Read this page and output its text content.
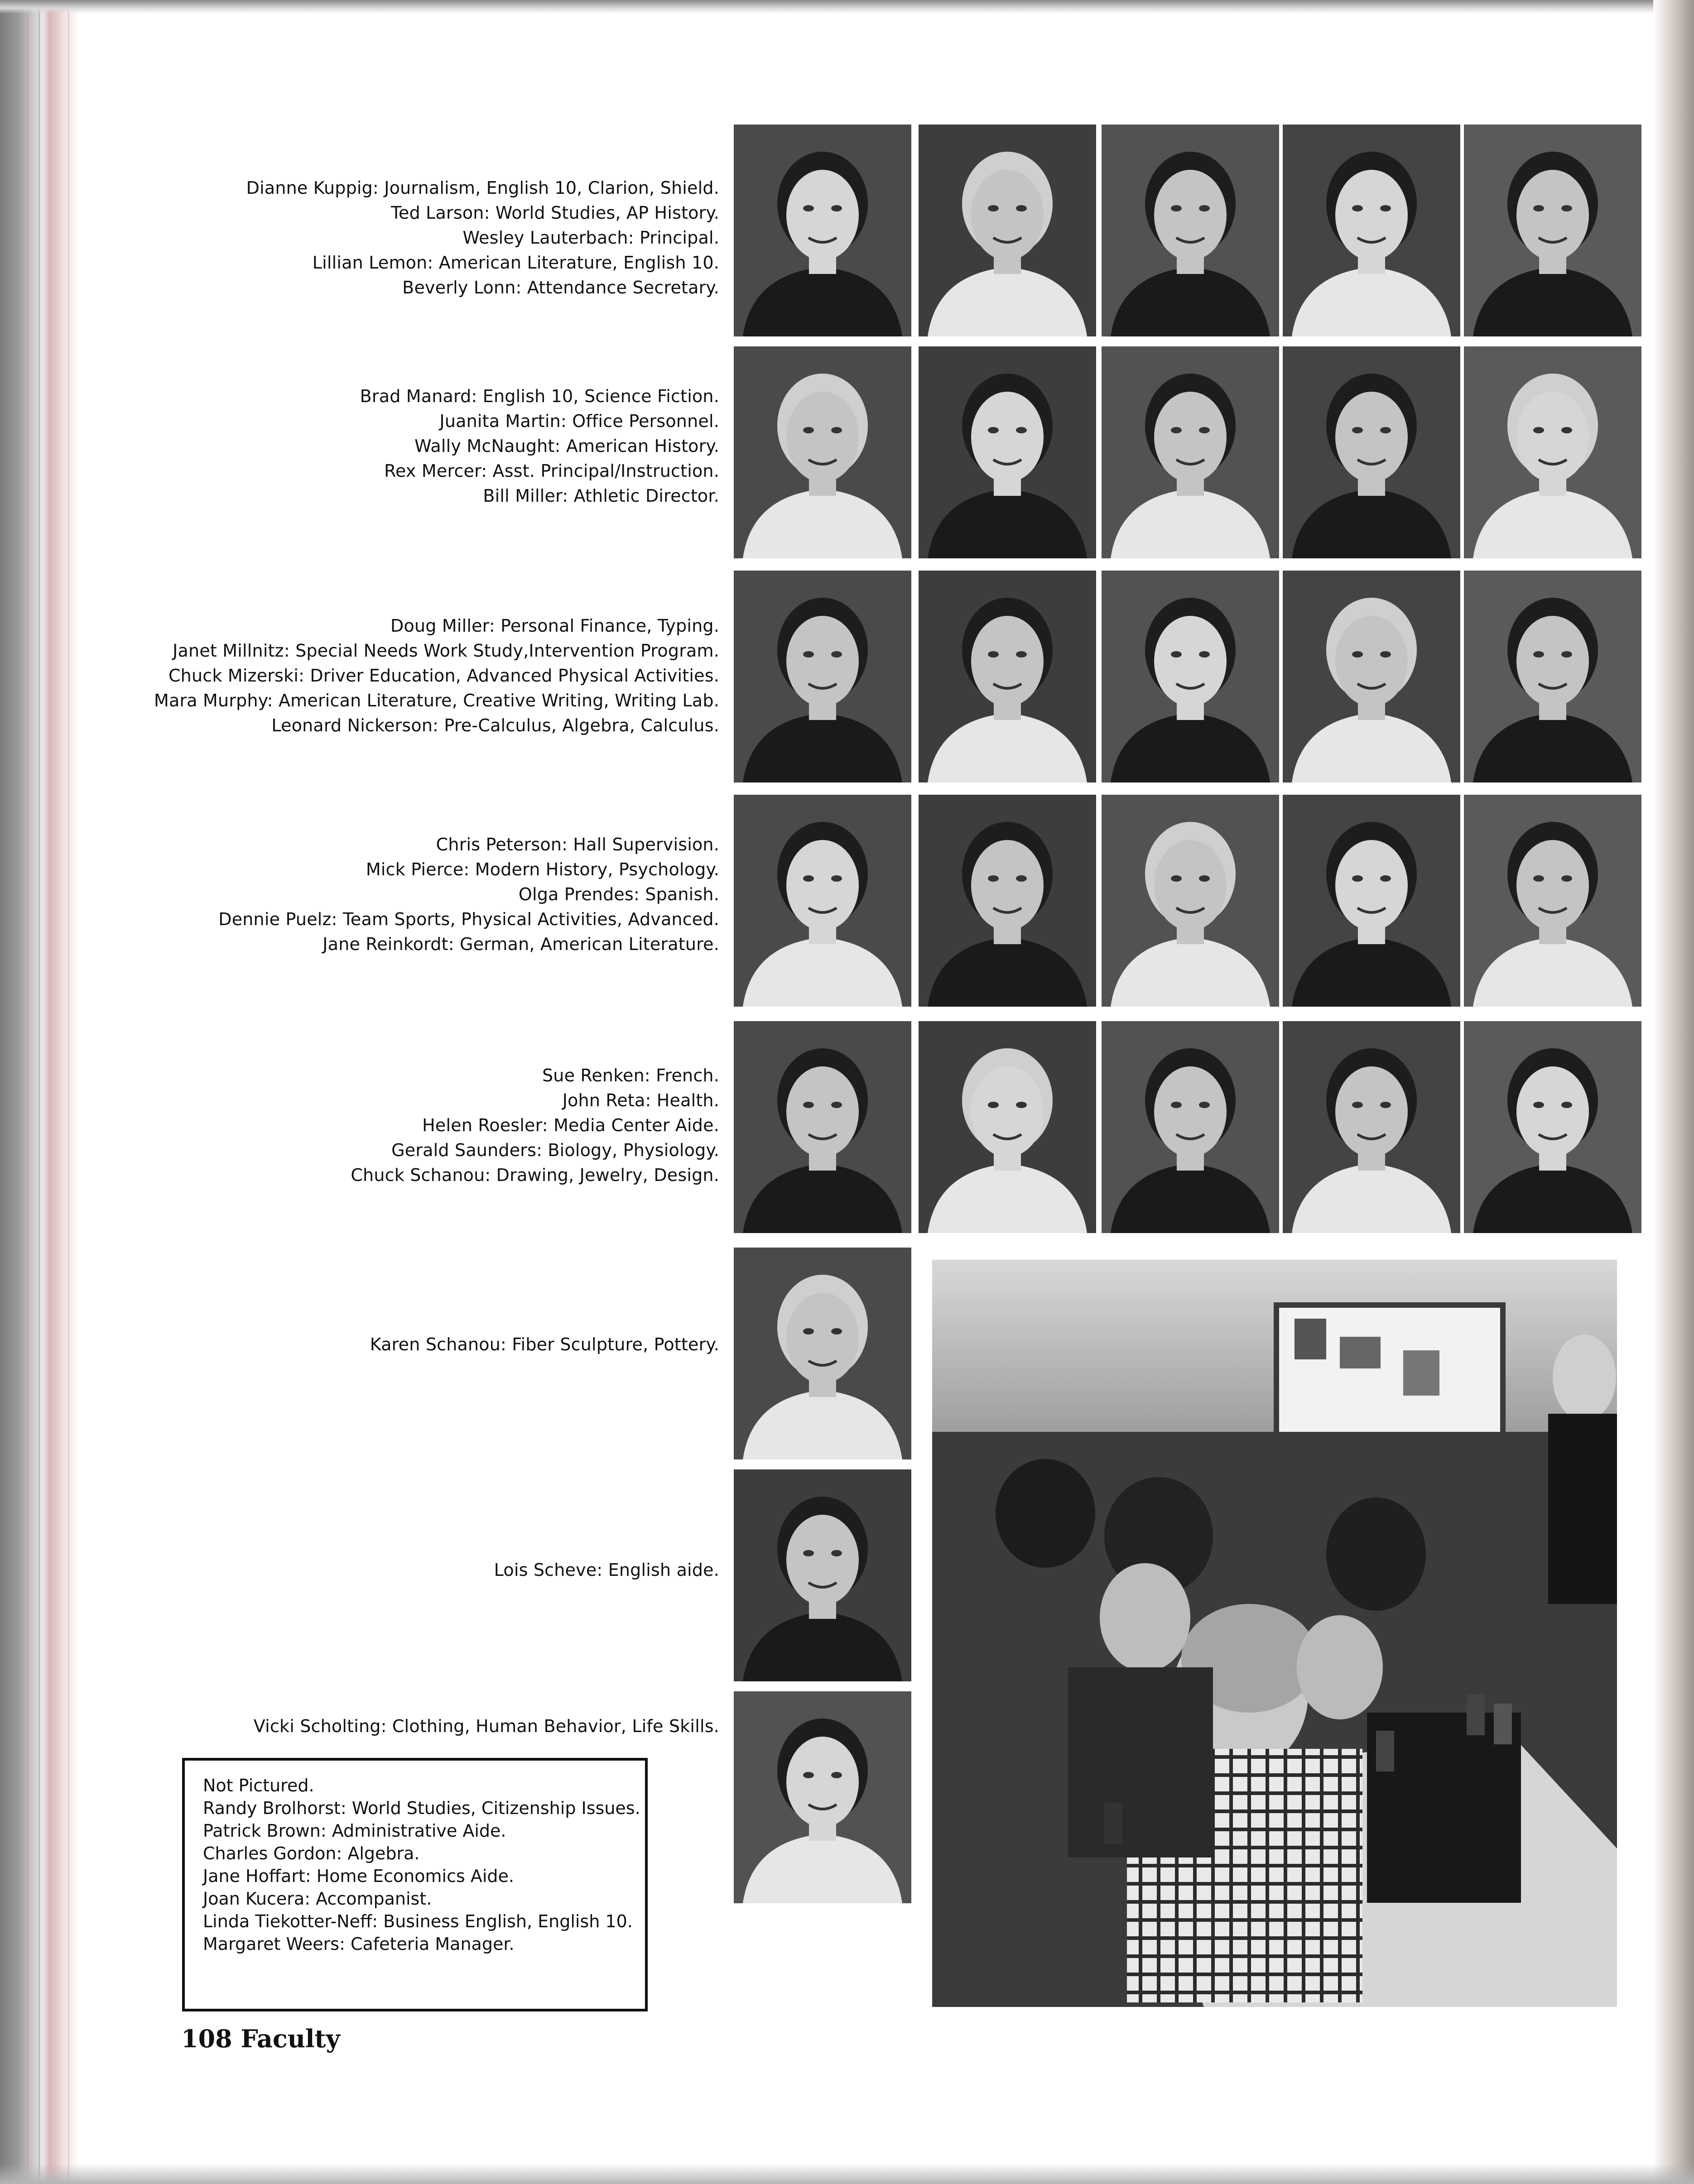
Dianne Kuppig: Journalism, English 10, Clarion, Shield.
Ted Larson: World Studies, AP History.
Wesley Lauterbach: Principal.
Lillian Lemon: American Literature, English 10.
Beverly Lonn: Attendance Secretary.
Brad Manard: English 10, Science Fiction.
Juanita Martin: Office Personnel.
Wally McNaught: American History.
Rex Mercer: Asst. Principal/Instruction.
Bill Miller: Athletic Director.
Doug Miller: Personal Finance, Typing.
Janet Millnitz: Special Needs Work Study,Intervention Program.
Chuck Mizerski: Driver Education, Advanced Physical Activities.
Mara Murphy: American Literature, Creative Writing, Writing Lab.
Leonard Nickerson: Pre-Calculus, Algebra, Calculus.
Chris Peterson: Hall Supervision.
Mick Pierce: Modern History, Psychology.
Olga Prendes: Spanish.
Dennie Puelz: Team Sports, Physical Activities, Advanced.
Jane Reinkordt: German, American Literature.
Sue Renken: French.
John Reta: Health.
Helen Roesler: Media Center Aide.
Gerald Saunders: Biology, Physiology.
Chuck Schanou: Drawing, Jewelry, Design.
Karen Schanou: Fiber Sculpture, Pottery.
Lois Scheve: English aide.
Vicki Scholting: Clothing, Human Behavior, Life Skills.
Not Pictured.
Randy Brolhorst: World Studies, Citizenship Issues.
Patrick Brown: Administrative Aide.
Charles Gordon: Algebra.
Jane Hoffart: Home Economics Aide.
Joan Kucera: Accompanist.
Linda Tiekotter-Neff: Business English, English 10.
Margaret Weers: Cafeteria Manager.
108 Faculty
